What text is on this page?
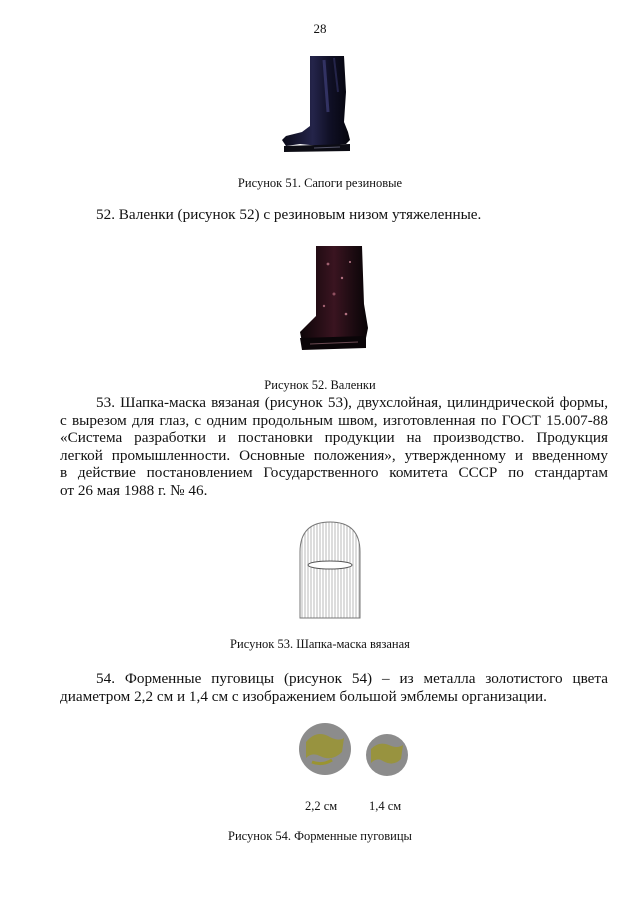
28
Рисунок 51. Сапоги резиновые
52. Валенки (рисунок 52) с резиновым низом утяжеленные.
Рисунок 52. Валенки
53. Шапка-маска вязаная (рисунок 53), двухслойная, цилиндрической формы,
с вырезом для глаз, с одним продольным швом, изготовленная по ГОСТ 15.007-88
«Система разработки и постановки продукции на производство. Продукция
легкой промышленности. Основные положения», утвержденному и введенному
в действие постановлением Государственного комитета СССР по стандартам
от 26 мая 1988 г. № 46.
Рисунок 53. Шапка-маска вязаная
54. Форменные пуговицы (рисунок 54) – из металла золотистого цвета
диаметром 2,2 см и 1,4 см с изображением большой эмблемы организации.
2,2 см	1,4 см
Рисунок 54. Форменные пуговицы
